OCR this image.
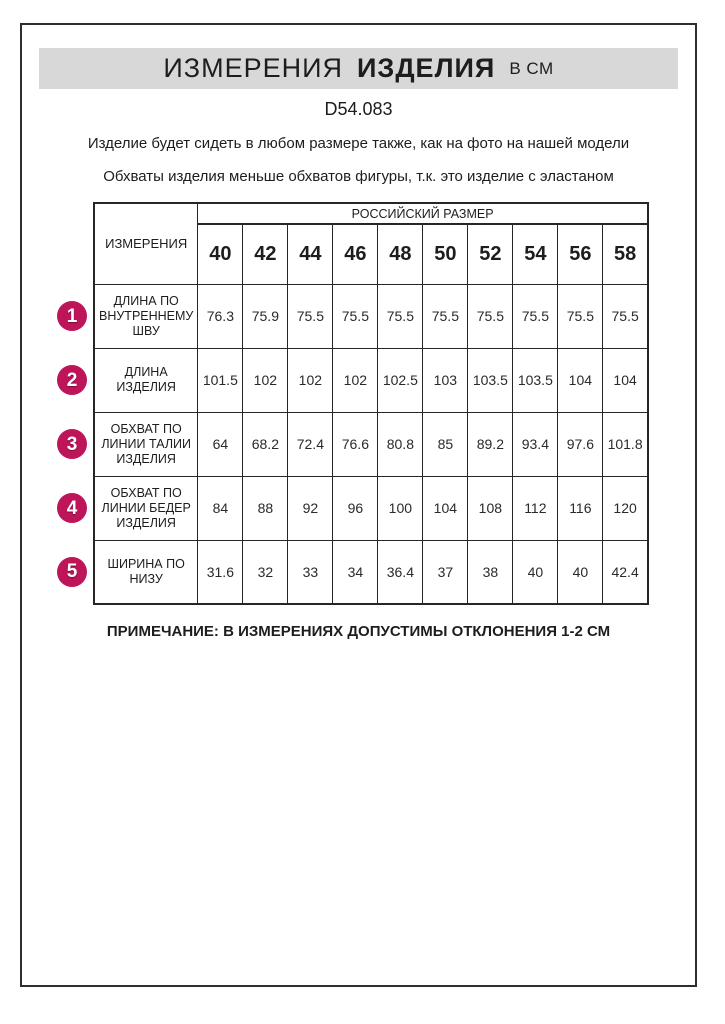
ИЗМЕРЕНИЯ ИЗДЕЛИЯ В СМ
D54.083

Изделие будет сидеть в любом размере также, как на фото на нашей модели

Обхваты изделия меньше обхватов фигуры, т.к. это изделие с эластаном

ИЗМЕРЕНИЯ	РОССИЙСКИЙ РАЗМЕР									
	40	42	44	46	48	50	52	54	56	58

1
ДЛИНА ПО ВНУТРЕННЕМУ ШВУ	76.3	75.9	75.5	75.5	75.5	75.5	75.5	75.5	75.5	75.5

2 ДЛИНА ИЗДЕЛИЯ	101.5	102	102	102	102.5	103	103.5	103.5	104	104

3
ОБХВАТ ПО ЛИНИИ ТАЛИИ ИЗДЕЛИЯ	64	68.2	72.4	76.6	80.8	85	89.2	93.4	97.6	101.8

4
ОБХВАТ ПО ЛИНИИ БЕДЕР ИЗДЕЛИЯ	84	88	92	96	100	104	108	112	116	120

5 ШИРИНА ПО НИЗУ	31.6	32	33	34	36.4	37	38	40	40	42.4
ПРИМЕЧАНИЕ: В ИЗМЕРЕНИЯХ ДОПУСТИМЫ ОТКЛОНЕНИЯ 1-2 СМ
